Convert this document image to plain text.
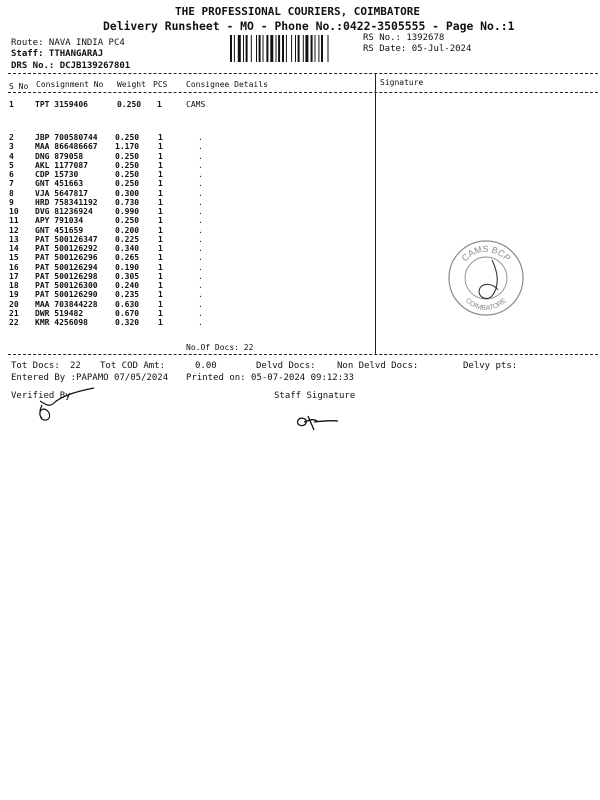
THE PROFESSIONAL COURIERS, COIMBATORE
Delivery Runsheet - MO - Phone No.:0422-3505555 - Page No.:1
Route: NAVA INDIA PC4
Staff: TTHANGARAJ
DRS No.: DCJB139267801
RS No.: 1392678
RS Date: 05-Jul-2024
S No Consignment No Weight PCS Consignee Details	Signature
1	TPT 3159406	0.250 1	CAMS
2	JBP 700580744	0.250	1	.
3	MAA 866486667	1.170	1	.
4	DNG 879058	0.250	1	.
5	AKL 1177087	0.250	1	.
6	CDP 15730	0.250	1	.
7	GNT 451663	0.250	1	.
8	VJA 5647817	0.300	1	.
9	HRD 758341192	0.730	1	.
10	DVG 81236924	0.990	1	.
11	APY 791034	0.250	1	.
12	GNT 451659	0.200	1	.
13	PAT 500126347	0.225	1	.
14	PAT 500126292	0.340	1	.
15	PAT 500126296	0.265	1	.
16	PAT 500126294	0.190	1	.
17	PAT 500126298	0.305	1	.
18	PAT 500126300	0.240	1	.
19	PAT 500126290	0.235	1	.
20	MAA 703844228	0.630	1	.
21	DWR 519482	0.670	1	.
22	KMR 4256098	0.320	1	.
No.Of Docs: 22
Tot Docs: 22 Tot COD Amt:	0.00	Delvd Docs: Non Delvd Docs:	Delvy pts:
Entered By :PAPAMO 07/05/2024 Printed on: 05-07-2024 09:12:33
Verified By	Staff Signature
CAMS BCP
COIMBATORE
